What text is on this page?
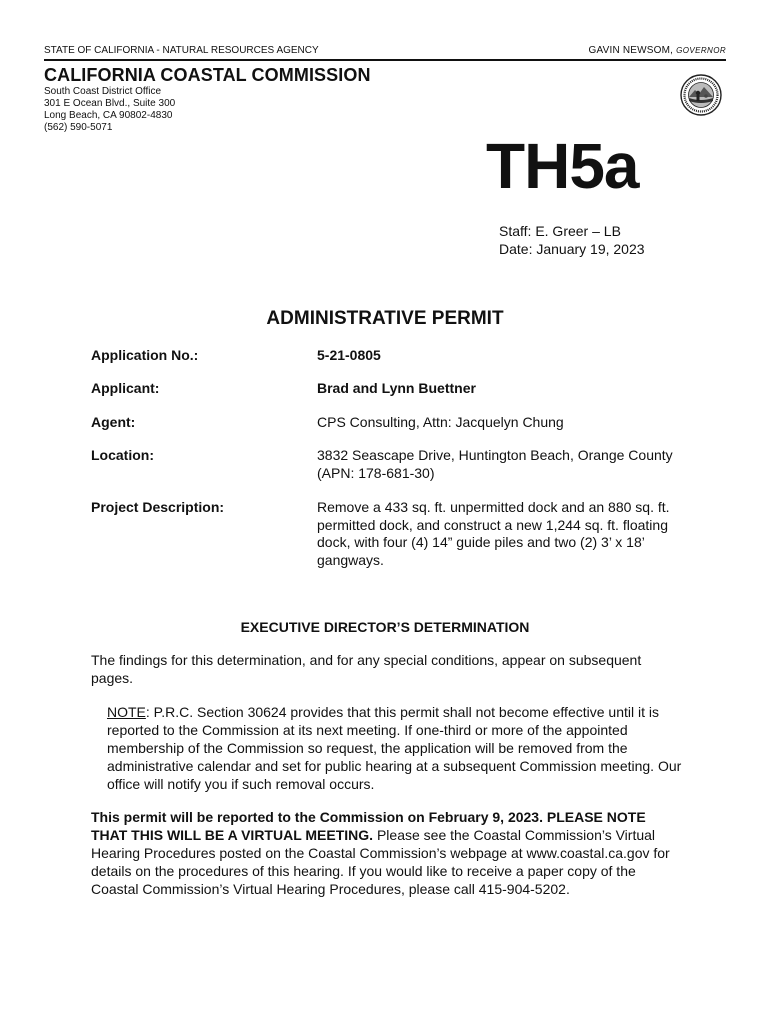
STATE OF CALIFORNIA - NATURAL RESOURCES AGENCY	GAVIN NEWSOM, GOVERNOR
CALIFORNIA COASTAL COMMISSION
South Coast District Office
301 E Ocean Blvd., Suite 300
Long Beach, CA 90802-4830
(562) 590-5071
TH5a
Staff: E. Greer – LB
Date: January 19, 2023
ADMINISTRATIVE PERMIT
Application No.:	5-21-0805
Applicant:	Brad and Lynn Buettner
Agent:	CPS Consulting, Attn: Jacquelyn Chung
Location:	3832 Seascape Drive, Huntington Beach, Orange County (APN: 178-681-30)
Project Description:	Remove a 433 sq. ft. unpermitted dock and an 880 sq. ft. permitted dock, and construct a new 1,244 sq. ft. floating dock, with four (4) 14” guide piles and two (2) 3’ x 18’ gangways.
EXECUTIVE DIRECTOR’S DETERMINATION
The findings for this determination, and for any special conditions, appear on subsequent pages.
NOTE: P.R.C. Section 30624 provides that this permit shall not become effective until it is reported to the Commission at its next meeting. If one-third or more of the appointed membership of the Commission so request, the application will be removed from the administrative calendar and set for public hearing at a subsequent Commission meeting. Our office will notify you if such removal occurs.
This permit will be reported to the Commission on February 9, 2023. PLEASE NOTE THAT THIS WILL BE A VIRTUAL MEETING. Please see the Coastal Commission’s Virtual Hearing Procedures posted on the Coastal Commission’s webpage at www.coastal.ca.gov for details on the procedures of this hearing. If you would like to receive a paper copy of the Coastal Commission’s Virtual Hearing Procedures, please call 415-904-5202.
